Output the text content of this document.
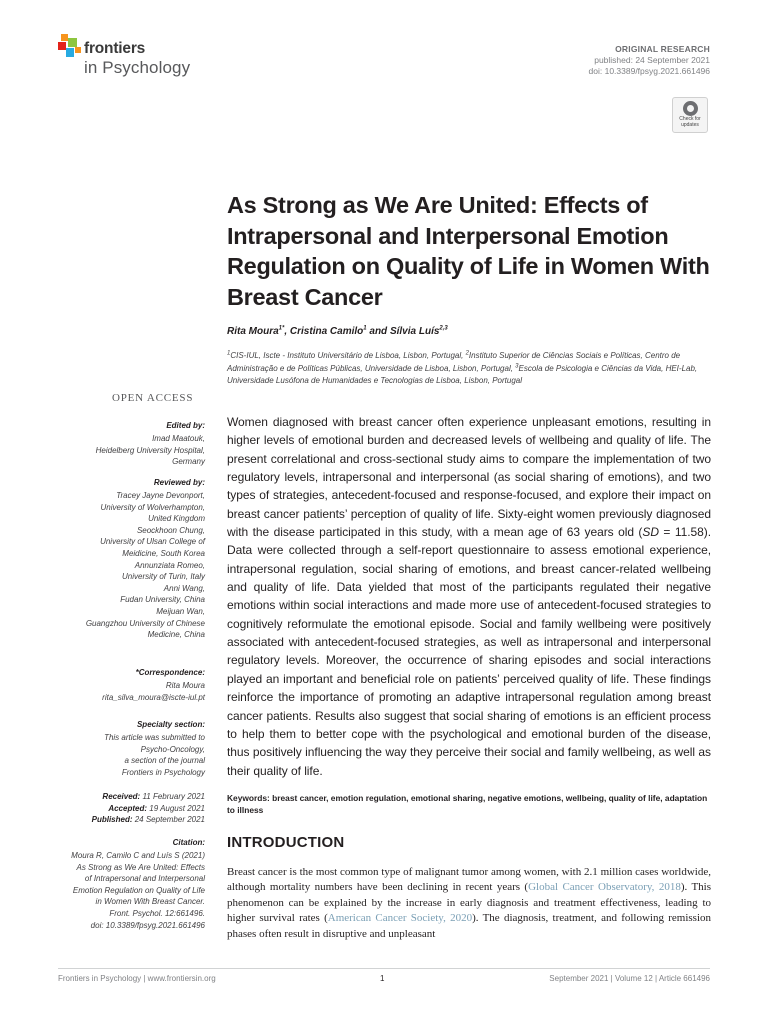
frontiers
in Psychology
ORIGINAL RESEARCH
published: 24 September 2021
doi: 10.3389/fpsyg.2021.661496
Check for
updates
As Strong as We Are United: Effects of Intrapersonal and Interpersonal Emotion Regulation on Quality of Life in Women With Breast Cancer
Rita Moura$^{1*}$, Cristina Camilo$^1$ and Sílvia Luís$^{2,3}$
$^1$CIS-IUL, Iscte - Instituto Universitário de Lisboa, Lisbon, Portugal, $^2$Instituto Superior de Ciências Sociais e Políticas, Centro de Administração e de Políticas Públicas, Universidade de Lisboa, Lisbon, Portugal, $^3$Escola de Psicologia e Ciências da Vida, HEI-Lab, Universidade Lusófona de Humanidades e Tecnologias de Lisboa, Lisbon, Portugal
OPEN ACCESS
Edited by:
Imad Maatouk,
Heidelberg University Hospital,
Germany
Reviewed by:
Tracey Jayne Devonport,
University of Wolverhampton,
United Kingdom
Seockhoon Chung,
University of Ulsan College of
Meidicine, South Korea
Annunziata Romeo,
University of Turin, Italy
Anni Wang,
Fudan University, China
Meijuan Wan,
Guangzhou University of Chinese
Medicine, China
*Correspondence:
Rita Moura
rita_silva_moura@iscte-iul.pt
Specialty section:
This article was submitted to
Psycho-Oncology,
a section of the journal
Frontiers in Psychology
Received: 11 February 2021
Accepted: 19 August 2021
Published: 24 September 2021
Citation:
Moura R, Camilo C and Luís S (2021)
As Strong as We Are United: Effects
of Intrapersonal and Interpersonal
Emotion Regulation on Quality of Life
in Women With Breast Cancer.
Front. Psychol. 12:661496.
doi: 10.3389/fpsyg.2021.661496

Women diagnosed with breast cancer often experience unpleasant emotions, resulting in higher levels of emotional burden and decreased levels of wellbeing and quality of life. The present correlational and cross-sectional study aims to compare the implementation of two regulatory levels, intrapersonal and interpersonal (as social sharing of emotions), and two types of strategies, antecedent-focused and response-focused, and explore their impact on breast cancer patients’ perception of quality of life. Sixty-eight women previously diagnosed with the disease participated in this study, with a mean age of 63 years old (SD = 11.58). Data were collected through a self-report questionnaire to assess emotional experience, intrapersonal regulation, social sharing of emotions, and breast cancer-related wellbeing and quality of life. Data yielded that most of the participants regulated their negative emotions within social interactions and made more use of antecedent-focused strategies to cognitively reformulate the emotional episode. Social and family wellbeing were positively associated with antecedent-focused strategies, as well as intrapersonal and interpersonal regulatory levels. Moreover, the occurrence of sharing episodes and social interactions played an important and beneficial role on patients’ perceived quality of life. These findings reinforce the importance of promoting an adaptive intrapersonal regulation among breast cancer patients. Results also suggest that social sharing of emotions is an efficient process to help them to better cope with the psychological and emotional burden of the disease, thus positively influencing the way they perceive their social and family wellbeing, as well as their quality of life.

Keywords: breast cancer, emotion regulation, emotional sharing, negative emotions, wellbeing, quality of life, adaptation to illness
INTRODUCTION

Breast cancer is the most common type of malignant tumor among women, with 2.1 million cases worldwide, although mortality numbers have been declining in recent years (Global Cancer Observatory, 2018). This phenomenon can be explained by the increase in early diagnosis and treatment effectiveness, leading to higher survival rates (American Cancer Society, 2020). The diagnosis, treatment, and following remission phases often result in disruptive and unpleasant

Frontiers in Psychology | www.frontiersin.org	1	September 2021 | Volume 12 | Article 661496
